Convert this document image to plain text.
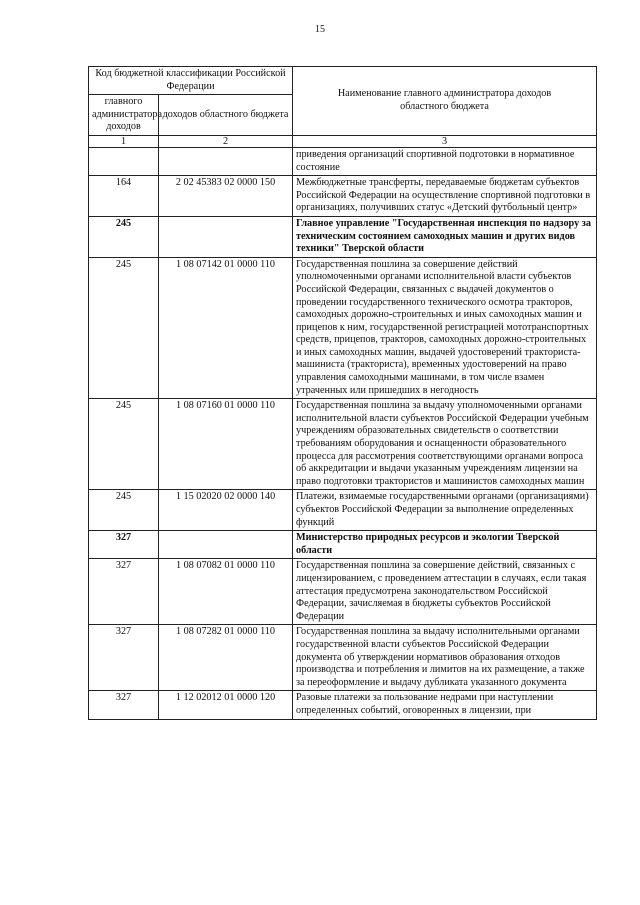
15
Код бюджетной классификации Российской Федерации		Наименование главного администратора доходов областного бюджета
главного администратора доходов	доходов областного бюджета	
1	2	3
		приведения организаций спортивной подготовки в нормативное состояние
164	2 02 45383 02 0000 150	Межбюджетные трансферты, передаваемые бюджетам субъектов Российской Федерации на осуществление спортивной подготовки в организациях, получивших статус «Детский футбольный центр»
245		Главное управление "Государственная инспекция по надзору за техническим состоянием самоходных машин и других видов техники" Тверской области
245	1 08 07142 01 0000 110	Государственная пошлина за совершение действий уполномоченными органами исполнительной власти субъектов Российской Федерации, связанных с выдачей документов о проведении государственного технического осмотра тракторов, самоходных дорожно-строительных и иных самоходных машин и прицепов к ним, государственной регистрацией мототранспортных средств, прицепов, тракторов, самоходных дорожно-строительных и иных самоходных машин, выдачей удостоверений тракториста-машиниста (тракториста), временных удостоверений на право управления самоходными машинами, в том числе взамен утраченных или пришедших в негодность
245	1 08 07160 01 0000 110	Государственная пошлина за выдачу уполномоченными органами исполнительной власти субъектов Российской Федерации учебным учреждениям образовательных свидетельств о соответствии требованиям оборудования и оснащенности образовательного процесса для рассмотрения соответствующими органами вопроса об аккредитации и выдачи указанным учреждениям лицензии на право подготовки трактористов и машинистов самоходных машин
245	1 15 02020 02 0000 140	Платежи, взимаемые государственными органами (организациями) субъектов Российской Федерации за выполнение определенных функций
327		Министерство природных ресурсов и экологии Тверской области
327	1 08 07082 01 0000 110	Государственная пошлина за совершение действий, связанных с лицензированием, с проведением аттестации в случаях, если такая аттестация предусмотрена законодательством Российской Федерации, зачисляемая в бюджеты субъектов Российской Федерации
327	1 08 07282 01 0000 110	Государственная пошлина за выдачу исполнительными органами государственной власти субъектов Российской Федерации документа об утверждении нормативов образования отходов производства и потребления и лимитов на их размещение, а также за переоформление и выдачу дубликата указанного документа
327	1 12 02012 01 0000 120	Разовые платежи за пользование недрами при наступлении определенных событий, оговоренных в лицензии, при
